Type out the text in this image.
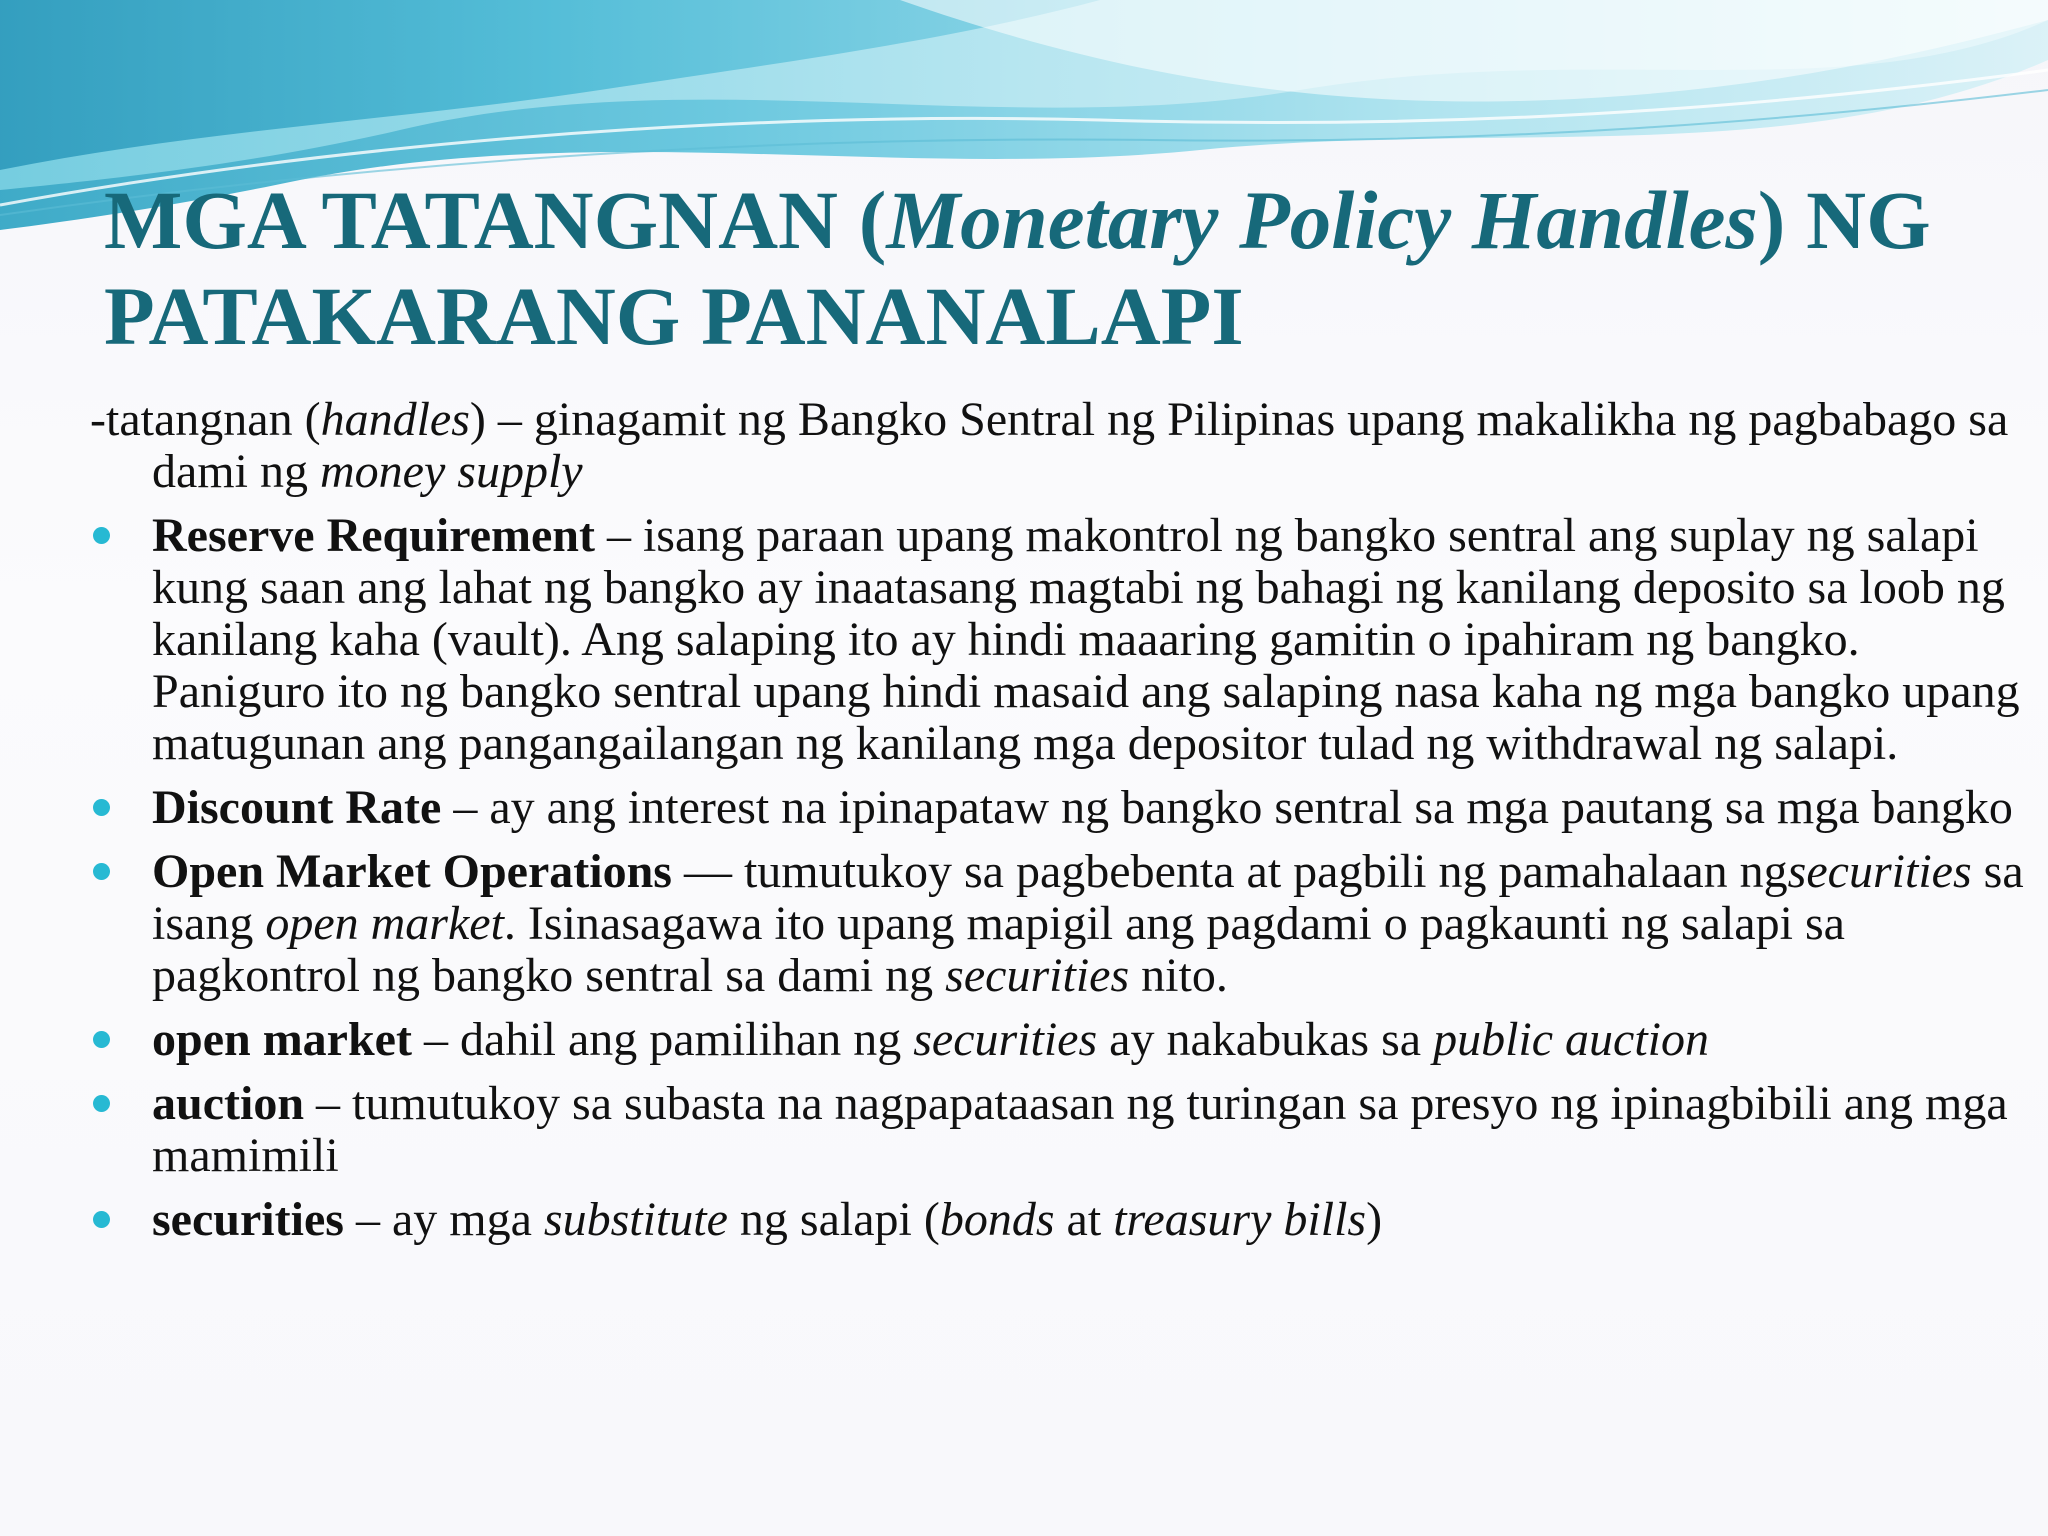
MGA TATANGNAN (Monetary Policy Handles) NG
PATAKARANG PANANALAPI

-tatangnan (handles) – ginagamit ng Bangko Sentral ng Pilipinas upang makalikha ng pagbabago sa dami ng money supply

Reserve Requirement – isang paraan upang makontrol ng bangko sentral ang suplay ng salapi kung saan ang lahat ng bangko ay inaatasang magtabi ng bahagi ng kanilang deposito sa loob ng kanilang kaha (vault). Ang salaping ito ay hindi maaaring gamitin o ipahiram ng bangko. Paniguro ito ng bangko sentral upang hindi masaid ang salaping nasa kaha ng mga bangko upang matugunan ang pangangailangan ng kanilang mga depositor tulad ng withdrawal ng salapi.
Discount Rate – ay ang interest na ipinapataw ng bangko sentral sa mga pautang sa mga bangko
Open Market Operations — tumutukoy sa pagbebenta at pagbili ng pamahalaan ngsecurities sa isang open market. Isinasagawa ito upang mapigil ang pagdami o pagkaunti ng salapi sa pagkontrol ng bangko sentral sa dami ng securities nito.
open market – dahil ang pamilihan ng securities ay nakabukas sa public auction
auction – tumutukoy sa subasta na nagpapataasan ng turingan sa presyo ng ipinagbibili ang mga mamimili
securities – ay mga substitute ng salapi (bonds at treasury bills)
